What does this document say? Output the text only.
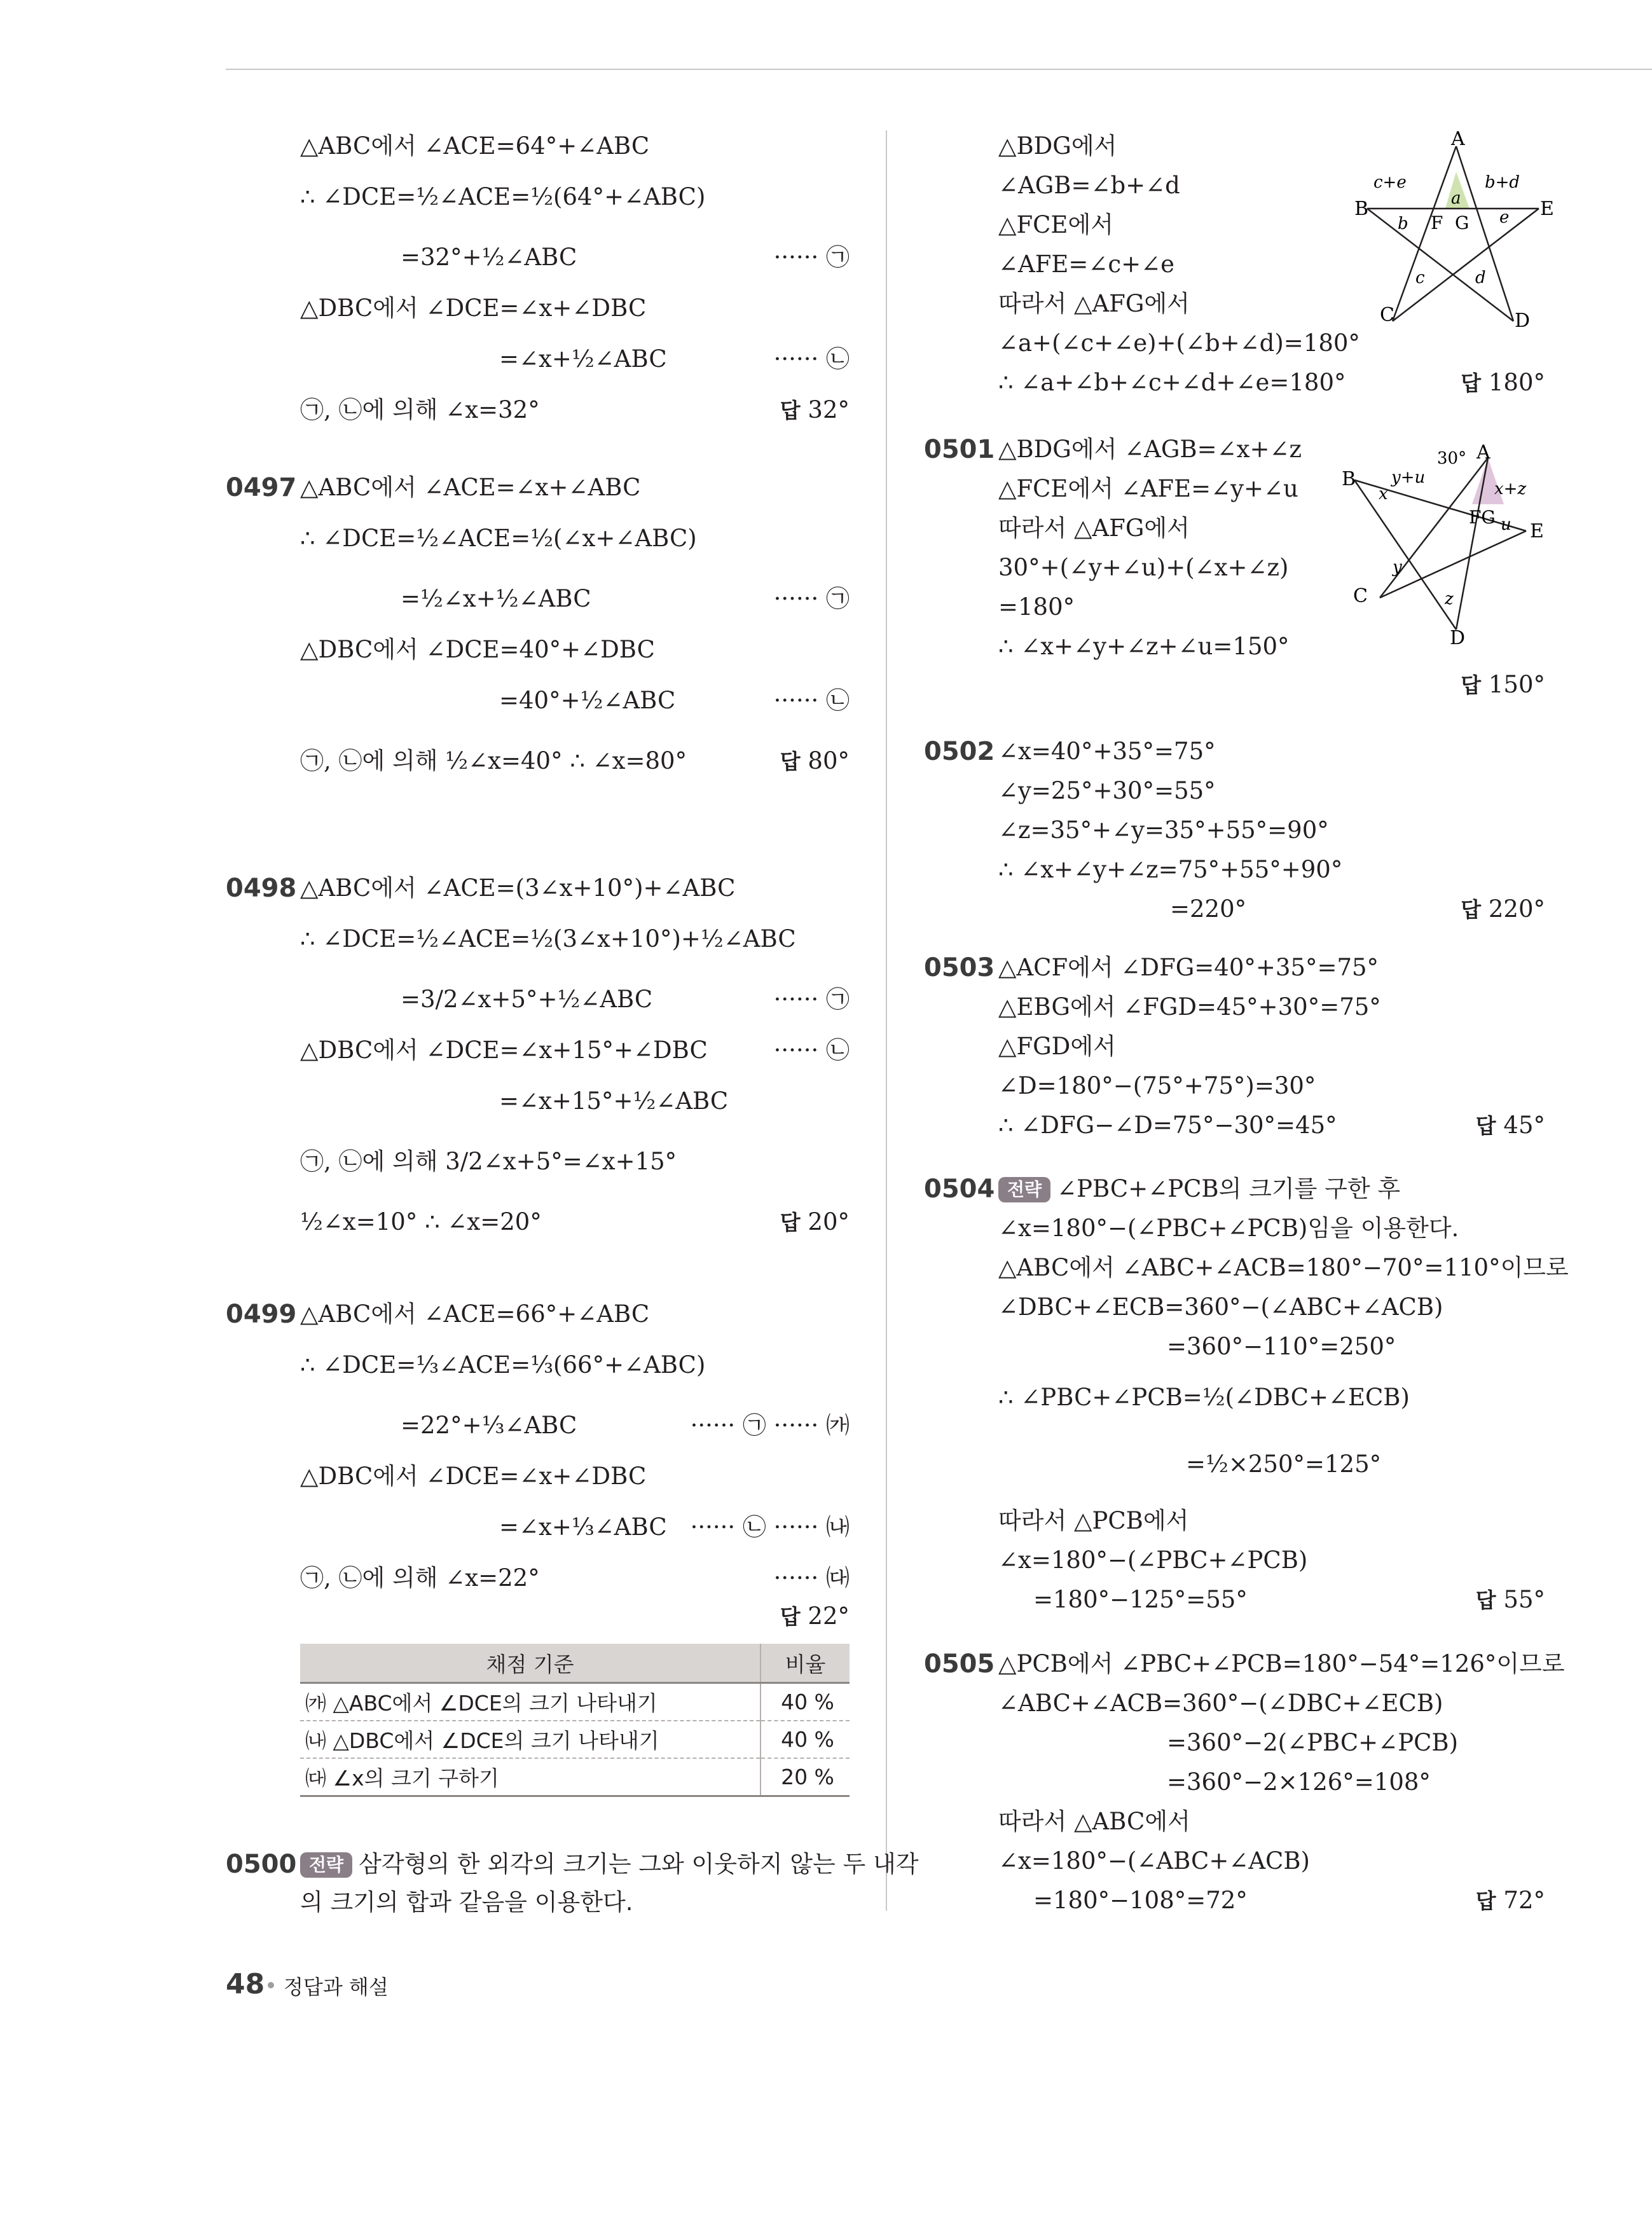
△ABC에서 ∠ACE=64°+∠ABC
∴ ∠DCE=½∠ACE=½(64°+∠ABC)
=32°+½∠ABC	······ ㉠
△DBC에서 ∠DCE=∠x+∠DBC
=∠x+½∠ABC	······ ㉡
㉠, ㉡에 의해 ∠x=32°	답 32°
0497 △ABC에서 ∠ACE=∠x+∠ABC
∴ ∠DCE=½∠ACE=½(∠x+∠ABC)
=½∠x+½∠ABC	······ ㉠
△DBC에서 ∠DCE=40°+∠DBC
=40°+½∠ABC	······ ㉡
㉠, ㉡에 의해 ½∠x=40° ∴ ∠x=80°	답 80°
0498 △ABC에서 ∠ACE=(3∠x+10°)+∠ABC
∴ ∠DCE=½∠ACE=½(3∠x+10°)+½∠ABC
=3/2∠x+5°+½∠ABC	······ ㉠
△DBC에서 ∠DCE=∠x+15°+∠DBC	······ ㉡
=∠x+15°+½∠ABC
㉠, ㉡에 의해 3/2∠x+5°=∠x+15°
½∠x=10° ∴ ∠x=20°	답 20°
0499 △ABC에서 ∠ACE=66°+∠ABC
∴ ∠DCE=⅓∠ACE=⅓(66°+∠ABC)
=22°+⅓∠ABC	······ ㉠ ······ ㈎
△DBC에서 ∠DCE=∠x+∠DBC
=∠x+⅓∠ABC ······ ㉡ ······ ㈏
㉠, ㉡에 의해 ∠x=22°	······ ㈐
답 22°
채점 기준	비율
㈎ △ABC에서 ∠DCE의 크기 나타내기	40 %
㈏ △DBC에서 ∠DCE의 크기 나타내기	40 %
㈐ ∠x의 크기 구하기	20 %
0500 전략 삼각형의 한 외각의 크기는 그와 이웃하지 않는 두 내각
의 크기의 합과 같음을 이용한다.
△BDG에서
∠AGB=∠b+∠d
△FCE에서
∠AFE=∠c+∠e
따라서 △AFG에서
∠a+(∠c+∠e)+(∠b+∠d)=180°
∴ ∠a+∠b+∠c+∠d+∠e=180°	답 180°
A
B	E
C	D
F G
a
b
c	d
e
c+e	b+d
0501 △BDG에서 ∠AGB=∠x+∠z
△FCE에서 ∠AFE=∠y+∠u
따라서 △AFG에서
30°+(∠y+∠u)+(∠x+∠z)
=180°
∴ ∠x+∠y+∠z+∠u=150°
답 150°
A
30°
B
E
C
D
FG
y+u
x+z
x
y
z
u
0502 ∠x=40°+35°=75°
∠y=25°+30°=55°
∠z=35°+∠y=35°+55°=90°
∴ ∠x+∠y+∠z=75°+55°+90°
=220°	답 220°
0503 △ACF에서 ∠DFG=40°+35°=75°
△EBG에서 ∠FGD=45°+30°=75°
△FGD에서
∠D=180°−(75°+75°)=30°
∴ ∠DFG−∠D=75°−30°=45°	답 45°
0504 전략 ∠PBC+∠PCB의 크기를 구한 후
∠x=180°−(∠PBC+∠PCB)임을 이용한다.
△ABC에서 ∠ABC+∠ACB=180°−70°=110°이므로
∠DBC+∠ECB=360°−(∠ABC+∠ACB)
=360°−110°=250°
∴ ∠PBC+∠PCB=½(∠DBC+∠ECB)
=½×250°=125°
따라서 △PCB에서
∠x=180°−(∠PBC+∠PCB)
=180°−125°=55°	답 55°
0505 △PCB에서 ∠PBC+∠PCB=180°−54°=126°이므로
∠ABC+∠ACB=360°−(∠DBC+∠ECB)
=360°−2(∠PBC+∠PCB)
=360°−2×126°=108°
따라서 △ABC에서
∠x=180°−(∠ABC+∠ACB)
=180°−108°=72°	답 72°
48 정답과 해설
